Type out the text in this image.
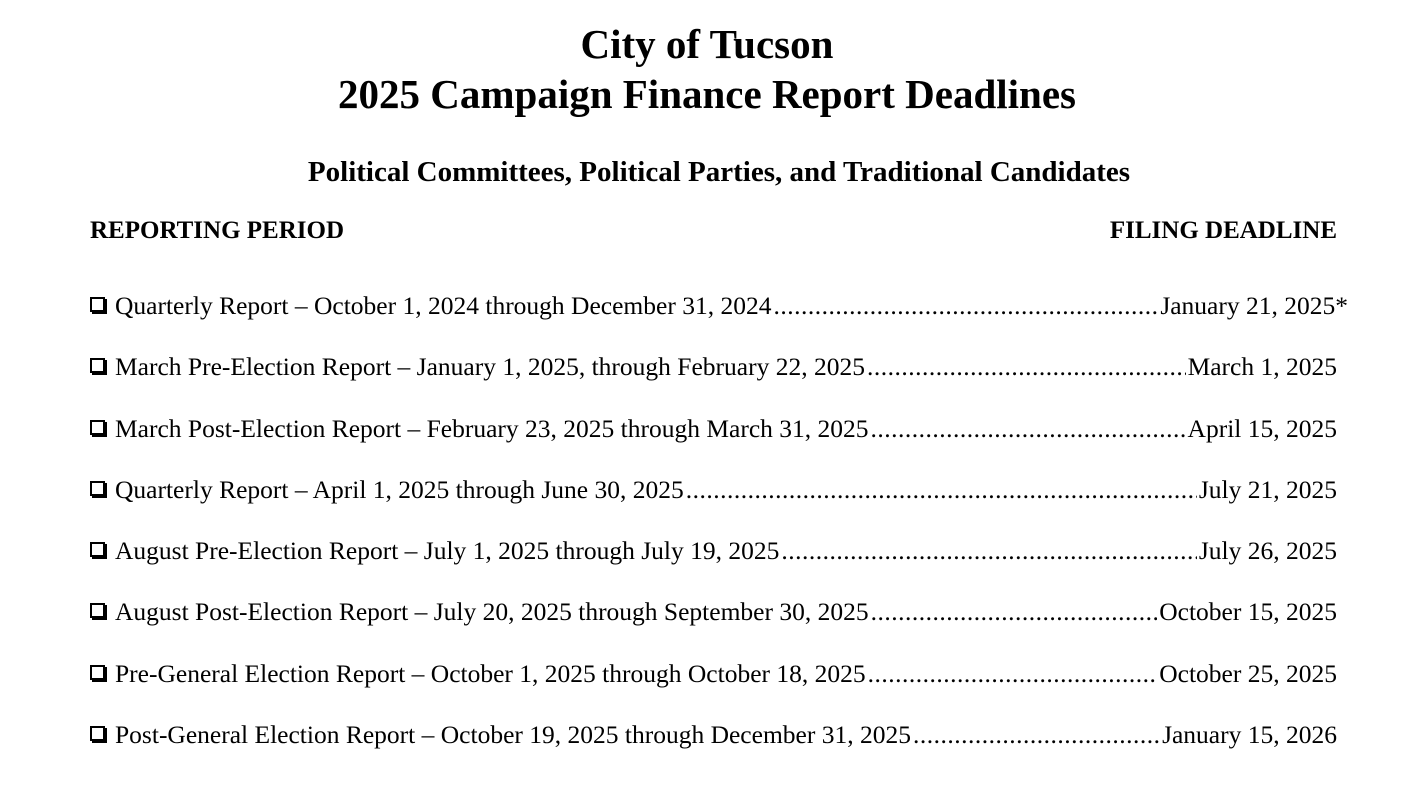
City of Tucson
2025 Campaign Finance Report Deadlines
Political Committees, Political Parties, and Traditional Candidates
REPORTING PERIOD	FILING DEADLINE
Quarterly Report – October 1, 2024 through December 31, 2024 .....	January 21, 2025*
March Pre-Election Report – January 1, 2025, through February 22, 2025 .....	March 1, 2025
March Post-Election Report – February 23, 2025 through March 31, 2025 .....	April 15, 2025
Quarterly Report – April 1, 2025 through June 30, 2025 .....	July 21, 2025
August Pre-Election Report – July 1, 2025 through July 19, 2025 .....	July 26, 2025
August Post-Election Report – July 20, 2025 through September 30, 2025 .....	October 15, 2025
Pre-General Election Report – October 1, 2025 through October 18, 2025 .....	October 25, 2025
Post-General Election Report – October 19, 2025 through December 31, 2025 .....	January 15, 2026
